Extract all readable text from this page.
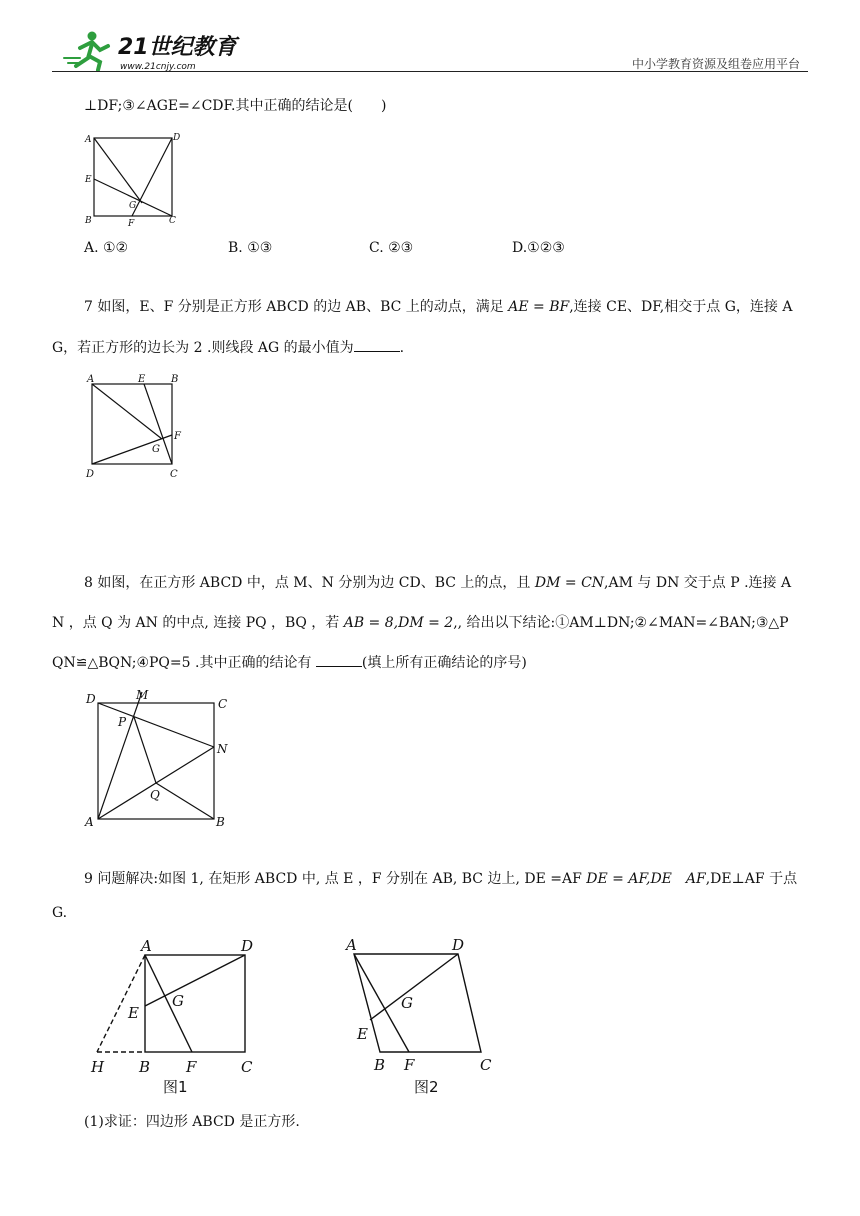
21世纪教育
www.21cnjy.com	中小学教育资源及组卷应用平台
⊥DF;③∠AGE=∠CDF.其中正确的结论是(　　)
A	D
E
G
B	F	C
A. ①②	B. ①③	C. ②③	D.①②③
7 如图，E、F 分别是正方形 ABCD 的边 AB、BC 上的动点，满足 AE = BF,连接 CE、DF,相交于点 G，连接 A
G，若正方形的边长为 2 .则线段 AG 的最小值为	.
A	E	B
F
G
D	C
8 如图，在正方形 ABCD 中，点 M、N 分别为边 CD、BC 上的点，且 DM = CN,AM 与 DN 交于点 P .连接 A
N ，点 Q 为 AN 的中点, 连接 PQ ，BQ ，若 AB = 8,DM = 2,, 给出以下结论:①AM⊥DN;②∠MAN=∠BAN;③△P
QN≌△BQN;④PQ=5 .其中正确的结论有	(填上所有正确结论的序号)
D	M
C
P
N
Q
A	B
9 问题解决:如图 1, 在矩形 ABCD 中, 点 E ，F 分别在 AB, BC 边上, DE =AF DE = AF,DE　 AF,DE⊥AF 于点
G.
A	D
G
E
H B F	C
图1
A	D
G
E
B F	C
图2
(1)求证：四边形 ABCD 是正方形.
